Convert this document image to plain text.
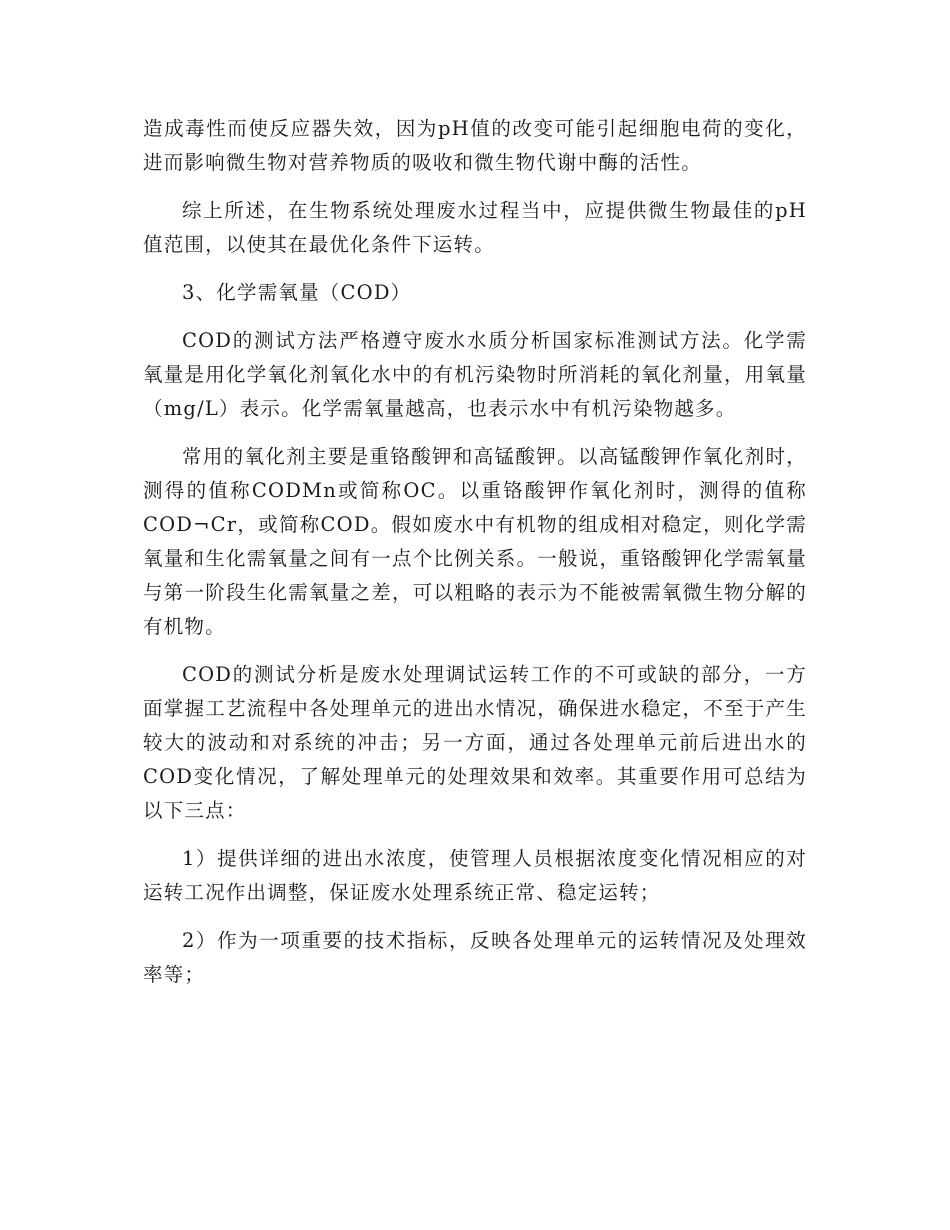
造成毒性而使反应器失效，因为pH值的改变可能引起细胞电荷的变化，进而影响微生物对营养物质的吸收和微生物代谢中酶的活性。

综上所述，在生物系统处理废水过程当中，应提供微生物最佳的pH值范围，以使其在最优化条件下运转。

3、化学需氧量（COD）

COD的测试方法严格遵守废水水质分析国家标准测试方法。化学需氧量是用化学氧化剂氧化水中的有机污染物时所消耗的氧化剂量，用氧量（mg/L）表示。化学需氧量越高，也表示水中有机污染物越多。

常用的氧化剂主要是重铬酸钾和高锰酸钾。以高锰酸钾作氧化剂时，测得的值称CODMn或简称OC。以重铬酸钾作氧化剂时，测得的值称COD¬Cr，或简称COD。假如废水中有机物的组成相对稳定，则化学需氧量和生化需氧量之间有一点个比例关系。一般说，重铬酸钾化学需氧量与第一阶段生化需氧量之差，可以粗略的表示为不能被需氧微生物分解的有机物。

COD的测试分析是废水处理调试运转工作的不可或缺的部分，一方面掌握工艺流程中各处理单元的进出水情况，确保进水稳定，不至于产生较大的波动和对系统的冲击；另一方面，通过各处理单元前后进出水的COD变化情况，了解处理单元的处理效果和效率。其重要作用可总结为以下三点：

1）提供详细的进出水浓度，使管理人员根据浓度变化情况相应的对运转工况作出调整，保证废水处理系统正常、稳定运转；

2）作为一项重要的技术指标，反映各处理单元的运转情况及处理效率等；
